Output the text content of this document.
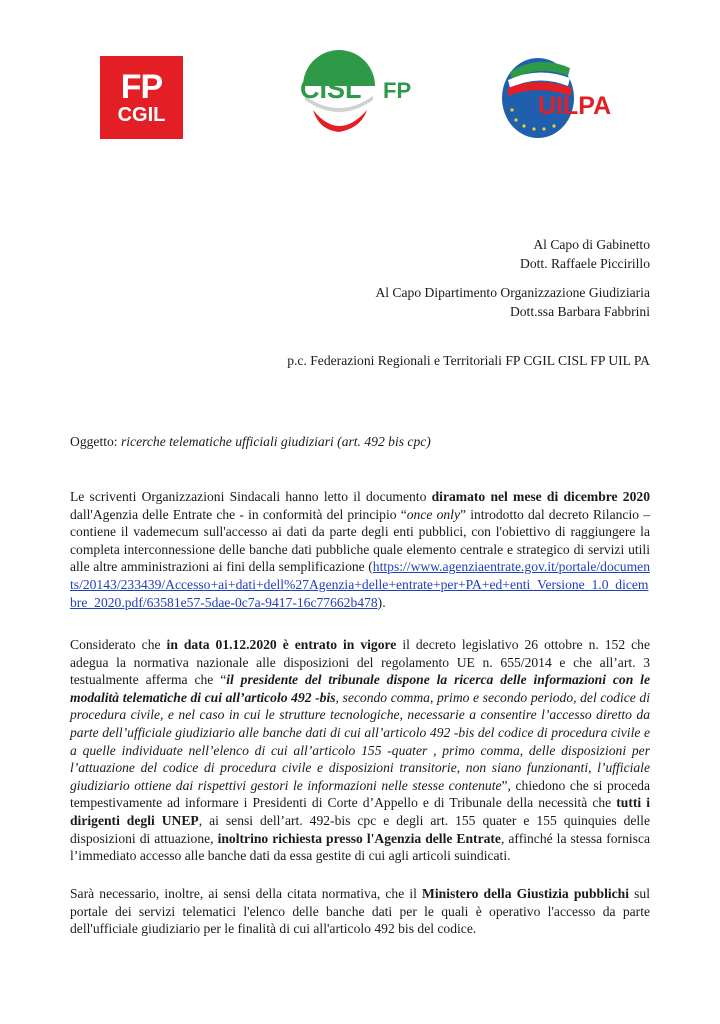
FP
CGIL
CISL FP
UILPA
Al Capo di Gabinetto
Dott. Raffaele Piccirillo
Al Capo Dipartimento Organizzazione Giudiziaria
Dott.ssa Barbara Fabbrini
p.c. Federazioni Regionali e Territoriali FP CGIL CISL FP UIL PA
Oggetto: ricerche telematiche ufficiali giudiziari (art. 492 bis cpc)

Le scriventi Organizzazioni Sindacali hanno letto il documento diramato nel mese di dicembre 2020 dall'Agenzia delle Entrate che - in conformità del principio “once only” introdotto dal decreto Rilancio – contiene il vademecum sull'accesso ai dati da parte degli enti pubblici, con l'obiettivo di raggiungere la completa interconnessione delle banche dati pubbliche quale elemento centrale e strategico di servizi utili alle altre amministrazioni ai fini della semplificazione (https://www.agenziaentrate.gov.it/portale/documents/20143/233439/Accesso+ai+dati+dell%27Agenzia+delle+entrate+per+PA+ed+enti_Versione_1.0_dicembre_2020.pdf/63581e57-5dae-0c7a-9417-16c77662b478).

Considerato che in data 01.12.2020 è entrato in vigore il decreto legislativo 26 ottobre n. 152 che adegua la normativa nazionale alle disposizioni del regolamento UE n. 655/2014 e che all’art. 3 testualmente afferma che “il presidente del tribunale dispone la ricerca delle informazioni con le modalità telematiche di cui all’articolo 492 -bis, secondo comma, primo e secondo periodo, del codice di procedura civile, e nel caso in cui le strutture tecnologiche, necessarie a consentire l’accesso diretto da parte dell’ufficiale giudiziario alle banche dati di cui all’articolo 492 -bis del codice di procedura civile e a quelle individuate nell’elenco di cui all’articolo 155 -quater , primo comma, delle disposizioni per l’attuazione del codice di procedura civile e disposizioni transitorie, non siano funzionanti, l’ufficiale giudiziario ottiene dai rispettivi gestori le informazioni nelle stesse contenute”, chiedono che si proceda tempestivamente ad informare i Presidenti di Corte d’Appello e di Tribunale della necessità che tutti i dirigenti degli UNEP, ai sensi dell’art. 492-bis cpc e degli art. 155 quater e 155 quinquies delle disposizioni di attuazione, inoltrino richiesta presso l'Agenzia delle Entrate, affinché la stessa fornisca l’immediato accesso alle banche dati da essa gestite di cui agli articoli suindicati.

Sarà necessario, inoltre, ai sensi della citata normativa, che il Ministero della Giustizia pubblichi sul portale dei servizi telematici l'elenco delle banche dati per le quali è operativo l'accesso da parte dell'ufficiale giudiziario per le finalità di cui all'articolo 492 bis del codice.
